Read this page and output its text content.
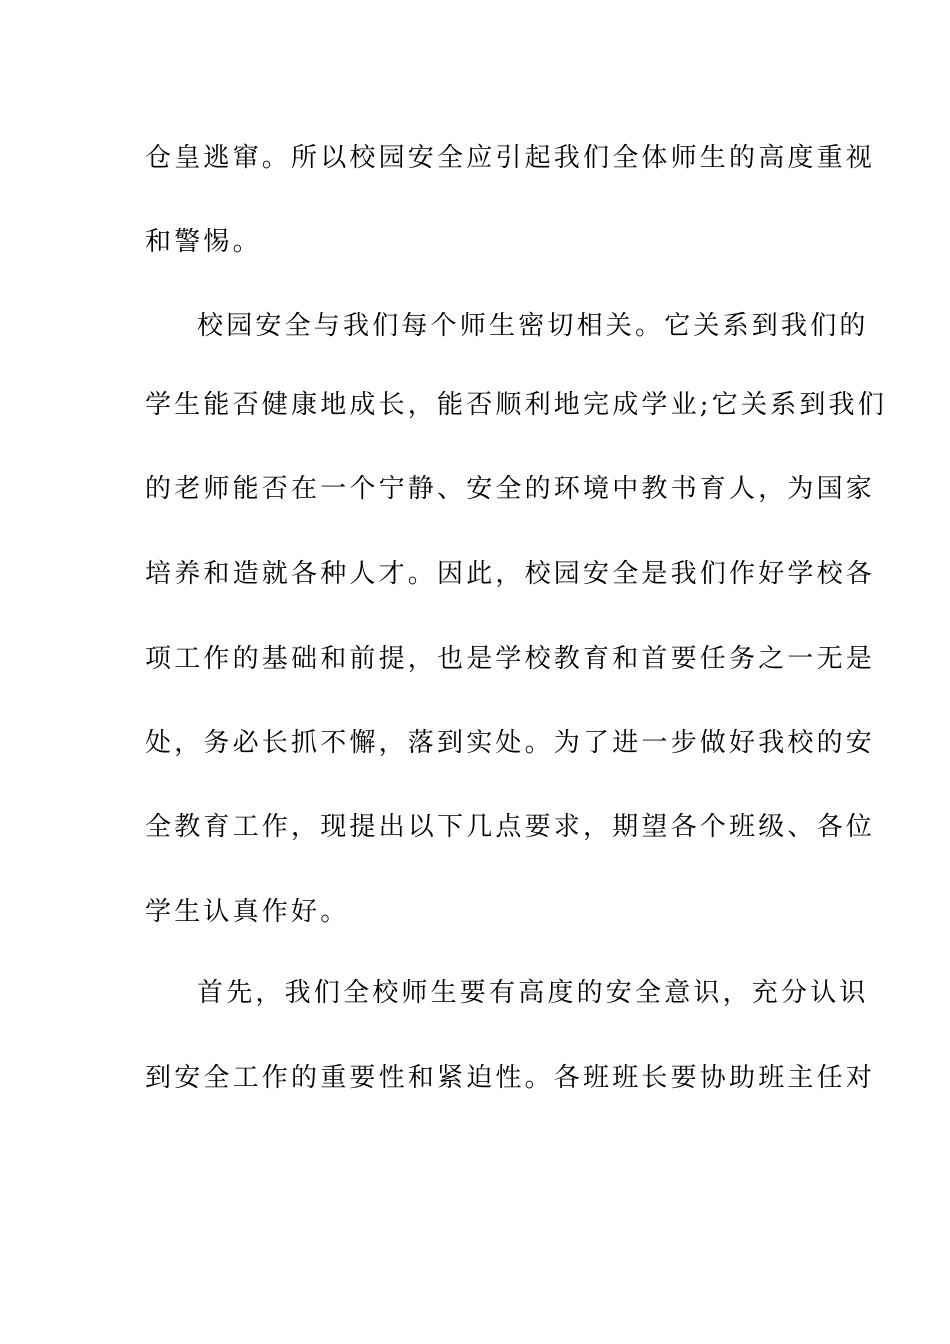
仓皇逃窜。所以校园安全应引起我们全体师生的高度重视
和警惕。
校园安全与我们每个师生密切相关。它关系到我们的
学生能否健康地成长，能否顺利地完成学业;它关系到我们
的老师能否在一个宁静、安全的环境中教书育人，为国家
培养和造就各种人才。因此，校园安全是我们作好学校各
项工作的基础和前提，也是学校教育和首要任务之一无是
处，务必长抓不懈，落到实处。为了进一步做好我校的安
全教育工作，现提出以下几点要求，期望各个班级、各位
学生认真作好。
首先，我们全校师生要有高度的安全意识，充分认识
到安全工作的重要性和紧迫性。各班班长要协助班主任对
